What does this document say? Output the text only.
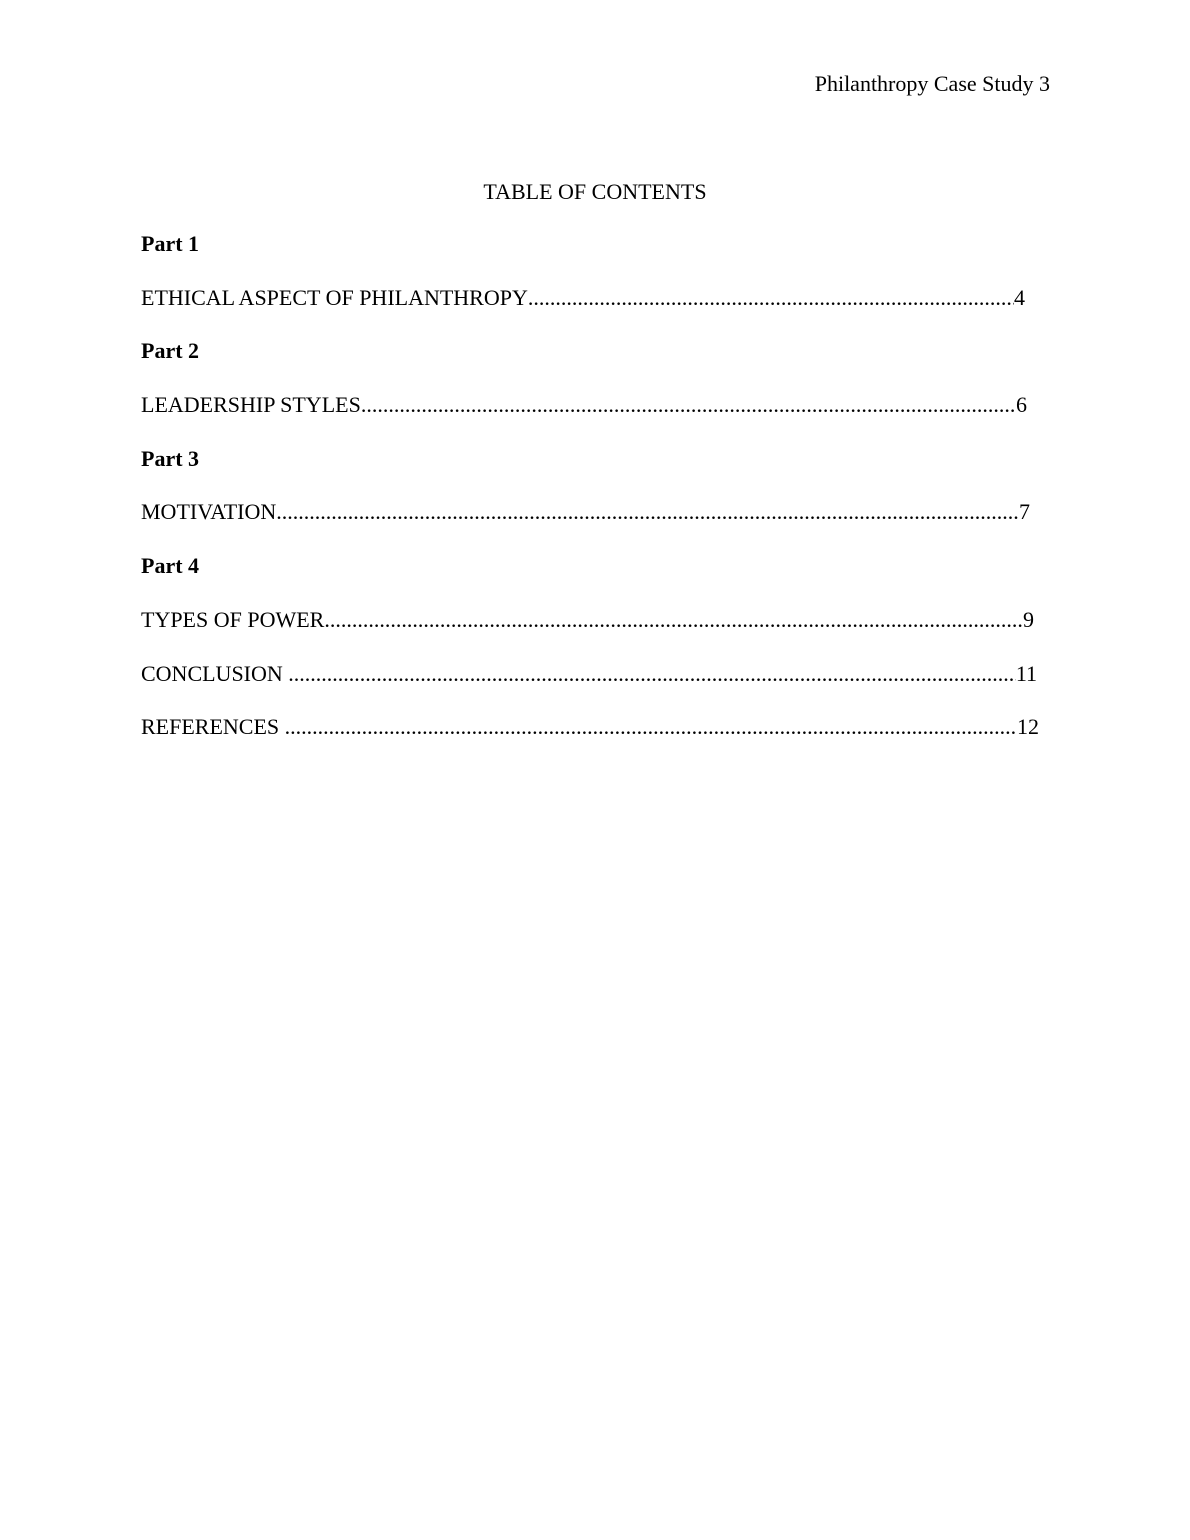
Philanthropy Case Study 3
TABLE OF CONTENTS
Part 1
ETHICAL ASPECT OF PHILANTHROPY .....	4
Part 2
LEADERSHIP STYLES .....	6
Part 3
MOTIVATION .....	7
Part 4
TYPES OF POWER .....	9
CONCLUSION .....	11
REFERENCES .....	12
